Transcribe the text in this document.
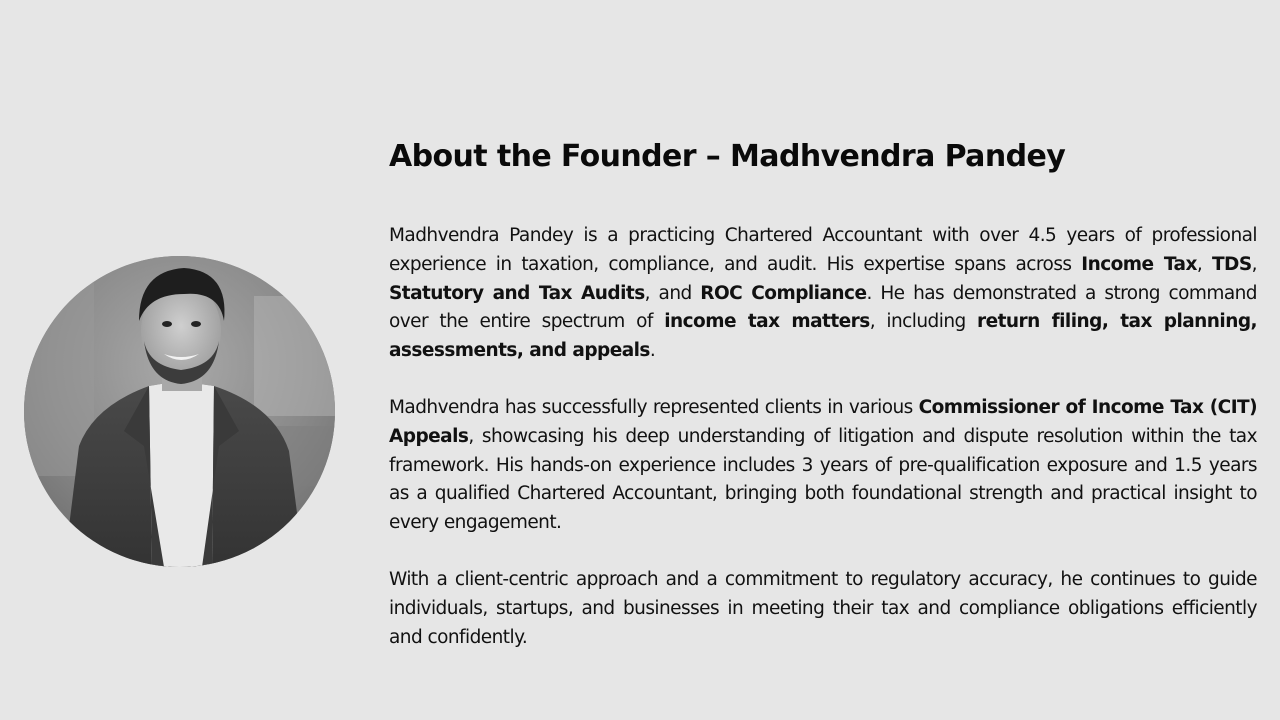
About the Founder – Madhvendra Pandey

Madhvendra Pandey is a practicing Chartered Accountant with over 4.5 years of professional experience in taxation, compliance, and audit. His expertise spans across Income Tax, TDS, Statutory and Tax Audits, and ROC Compliance. He has demonstrated a strong command over the entire spectrum of income tax matters, including return filing, tax planning, assessments, and appeals.

Madhvendra has successfully represented clients in various Commissioner of Income Tax (CIT) Appeals, showcasing his deep understanding of litigation and dispute resolution within the tax framework. His hands-on experience includes 3 years of pre-qualification exposure and 1.5 years as a qualified Chartered Accountant, bringing both foundational strength and practical insight to every engagement.

With a client-centric approach and a commitment to regulatory accuracy, he continues to guide individuals, startups, and businesses in meeting their tax and compliance obligations efficiently and confidently.
